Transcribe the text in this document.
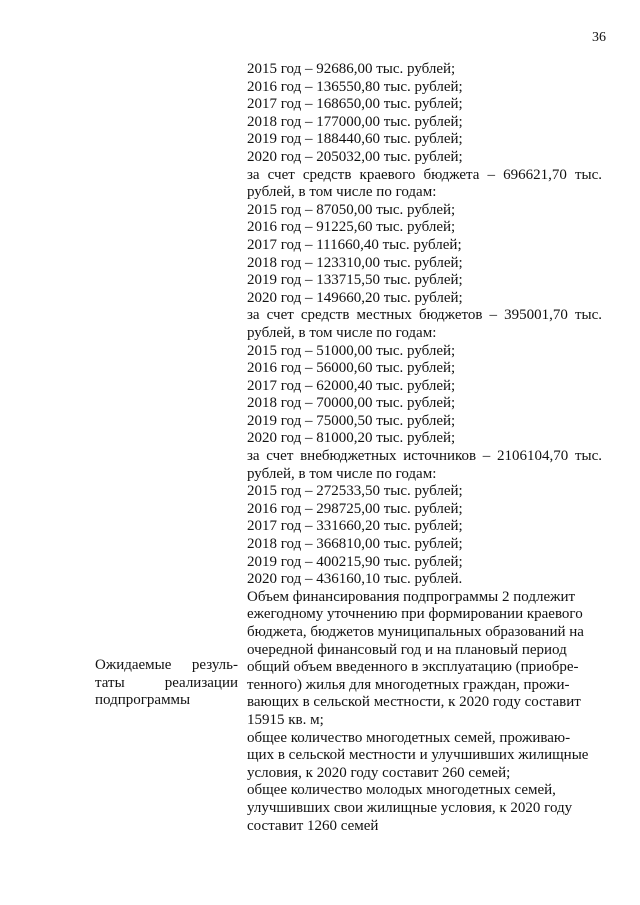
36
2015 год – 92686,00 тыс. рублей;
2016 год – 136550,80 тыс. рублей;
2017 год – 168650,00 тыс. рублей;
2018 год – 177000,00 тыс. рублей;
2019 год – 188440,60 тыс. рублей;
2020 год – 205032,00 тыс. рублей;
за счет средств краевого бюджета – 696621,70 тыс.
рублей, в том числе по годам:
2015 год – 87050,00 тыс. рублей;
2016 год – 91225,60 тыс. рублей;
2017 год – 111660,40 тыс. рублей;
2018 год – 123310,00 тыс. рублей;
2019 год – 133715,50 тыс. рублей;
2020 год – 149660,20 тыс. рублей;
за счет средств местных бюджетов – 395001,70 тыс.
рублей, в том числе по годам:
2015 год – 51000,00 тыс. рублей;
2016 год – 56000,60 тыс. рублей;
2017 год – 62000,40 тыс. рублей;
2018 год – 70000,00 тыс. рублей;
2019 год – 75000,50 тыс. рублей;
2020 год – 81000,20 тыс. рублей;
за счет внебюджетных источников – 2106104,70 тыс.
рублей, в том числе по годам:
2015 год – 272533,50 тыс. рублей;
2016 год – 298725,00 тыс. рублей;
2017 год – 331660,20 тыс. рублей;
2018 год – 366810,00 тыс. рублей;
2019 год – 400215,90 тыс. рублей;
2020 год – 436160,10 тыс. рублей.
Объем финансирования подпрограммы 2 подлежит
ежегодному уточнению при формировании краевого
бюджета, бюджетов муниципальных образований на
очередной финансовый год и на плановый период
общий объем введенного в эксплуатацию (приобре-
тенного) жилья для многодетных граждан, прожи-
вающих в сельской местности, к 2020 году составит
15915 кв. м;
общее количество многодетных семей, проживаю-
щих в сельской местности и улучшивших жилищные
условия, к 2020 году составит 260 семей;
общее количество молодых многодетных семей,
улучшивших свои жилищные условия, к 2020 году
составит 1260 семей
Ожидаемые резуль-
таты	реализации
подпрограммы
